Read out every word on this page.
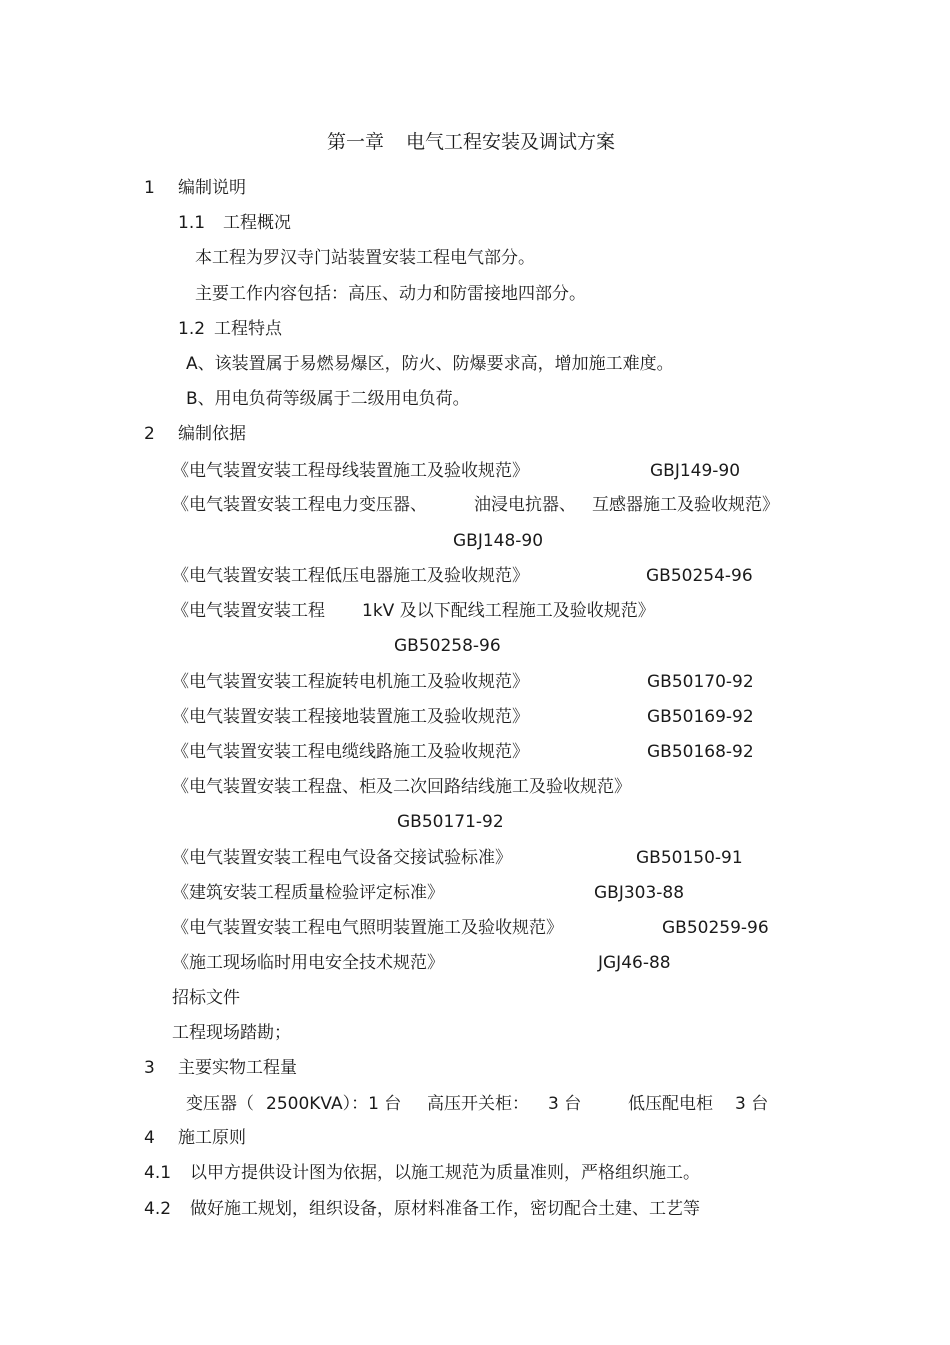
第一章 电气工程安装及调试方案
1 编制说明
1.1 工程概况
本工程为罗汉寺门站装置安装工程电气部分。
主要工作内容包括：高压、动力和防雷接地四部分。
1.2 工程特点
A、该装置属于易燃易爆区，防火、防爆要求高，增加施工难度。
B、用电负荷等级属于二级用电负荷。
2 编制依据
《电气装置安装工程母线装置施工及验收规范》	GBJ149-90
《电气装置安装工程电力变压器、	油浸电抗器、 互感器施工及验收规范》
GBJ148-90
《电气装置安装工程低压电器施工及验收规范》	GB50254-96
《电气装置安装工程 1kV 及以下配线工程施工及验收规范》
GB50258-96
《电气装置安装工程旋转电机施工及验收规范》	GB50170-92
《电气装置安装工程接地装置施工及验收规范》	GB50169-92
《电气装置安装工程电缆线路施工及验收规范》	GB50168-92
《电气装置安装工程盘、柜及二次回路结线施工及验收规范》
GB50171-92
《电气装置安装工程电气设备交接试验标准》	GB50150-91
《建筑安装工程质量检验评定标准》	GBJ303-88
《电气装置安装工程电气照明装置施工及验收规范》	GB50259-96
《施工现场临时用电安全技术规范》	JGJ46-88
招标文件
工程现场踏勘；
3 主要实物工程量
变压器（ 2500KVA）：1 台 高压开关柜： 3 台	低压配电柜 3 台
4 施工原则
4.1 以甲方提供设计图为依据，以施工规范为质量准则，严格组织施工。
4.2 做好施工规划，组织设备，原材料准备工作，密切配合土建、工艺等
